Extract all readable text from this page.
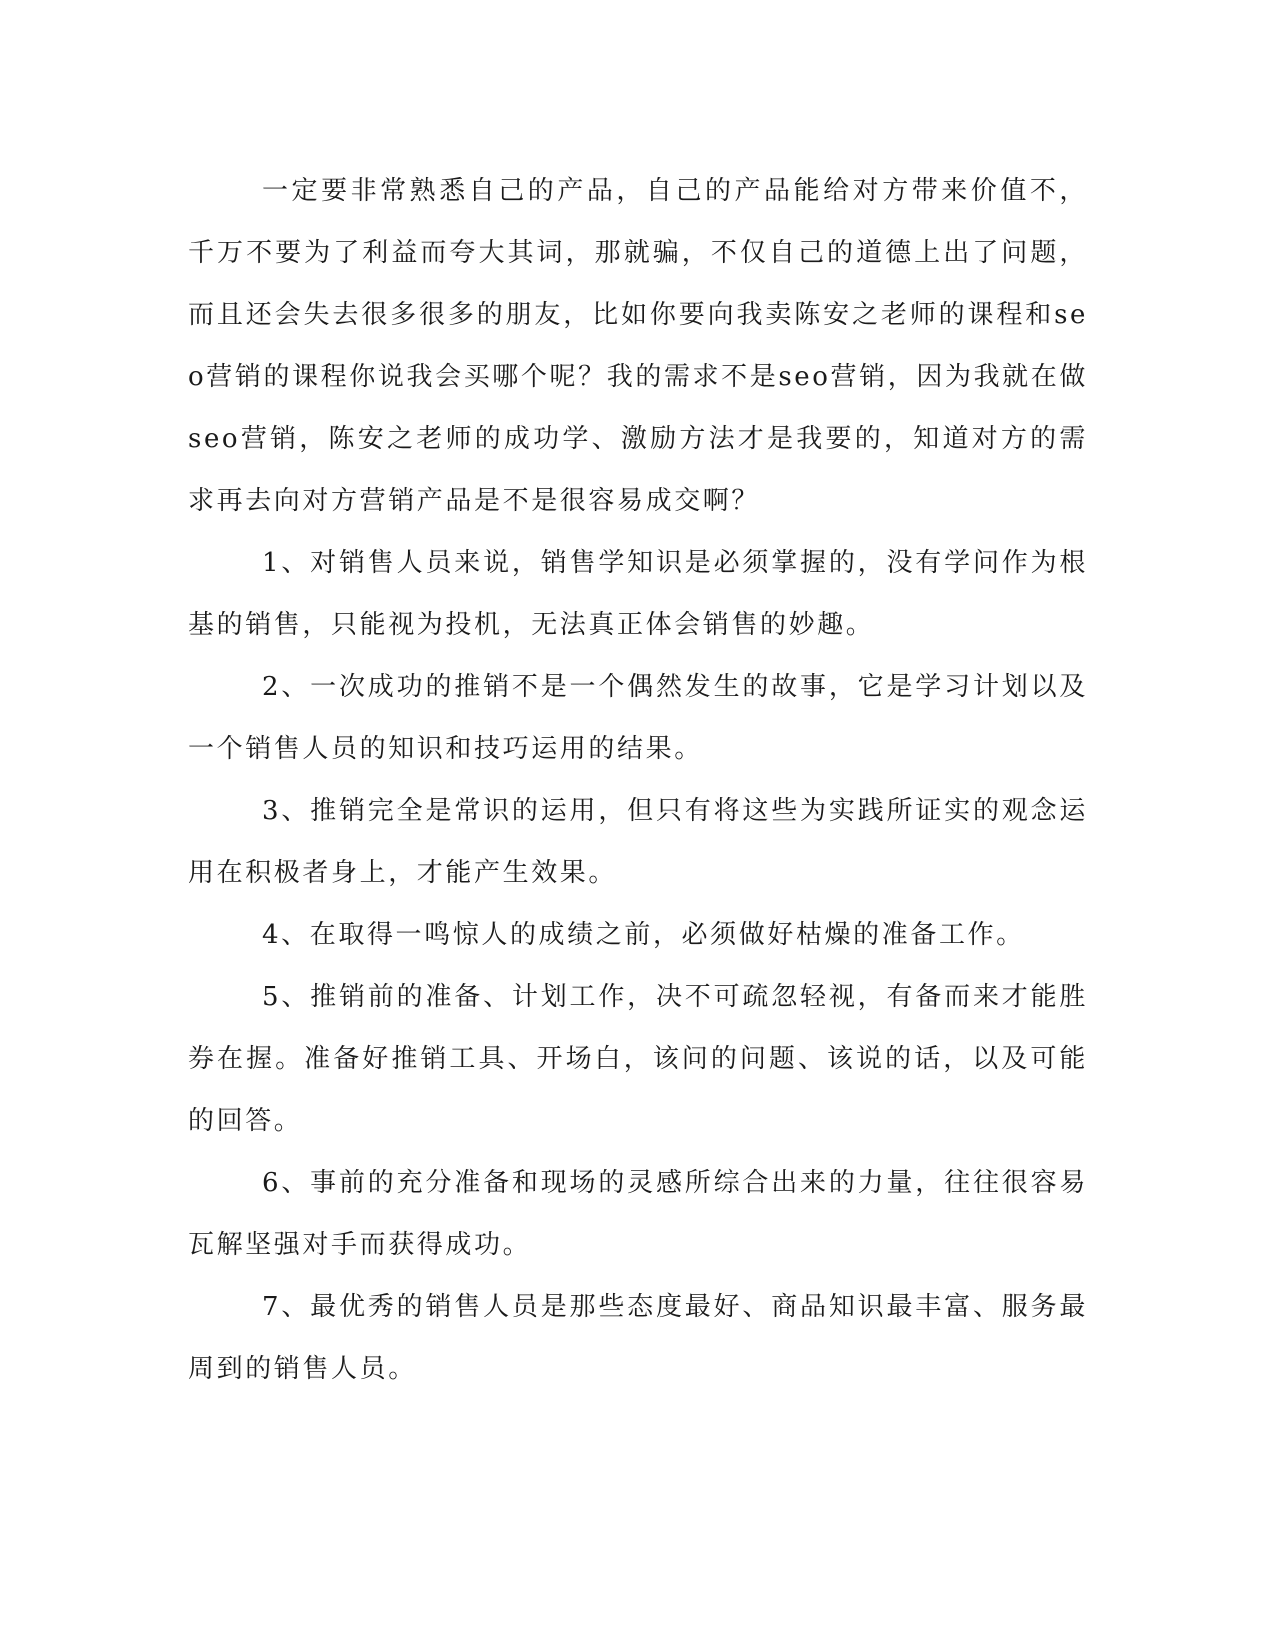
一定要非常熟悉自己的产品，自己的产品能给对方带来价值不，千万不要为了利益而夸大其词，那就骗，不仅自己的道德上出了问题，而且还会失去很多很多的朋友，比如你要向我卖陈安之老师的课程和seo营销的课程你说我会买哪个呢？我的需求不是seo营销，因为我就在做seo营销，陈安之老师的成功学、激励方法才是我要的，知道对方的需求再去向对方营销产品是不是很容易成交啊？

1、对销售人员来说，销售学知识是必须掌握的，没有学问作为根基的销售，只能视为投机，无法真正体会销售的妙趣。

2、一次成功的推销不是一个偶然发生的故事，它是学习计划以及一个销售人员的知识和技巧运用的结果。

3、推销完全是常识的运用，但只有将这些为实践所证实的观念运用在积极者身上，才能产生效果。

4、在取得一鸣惊人的成绩之前，必须做好枯燥的准备工作。

5、推销前的准备、计划工作，决不可疏忽轻视，有备而来才能胜券在握。准备好推销工具、开场白，该问的问题、该说的话，以及可能的回答。

6、事前的充分准备和现场的灵感所综合出来的力量，往往很容易瓦解坚强对手而获得成功。

7、最优秀的销售人员是那些态度最好、商品知识最丰富、服务最周到的销售人员。
